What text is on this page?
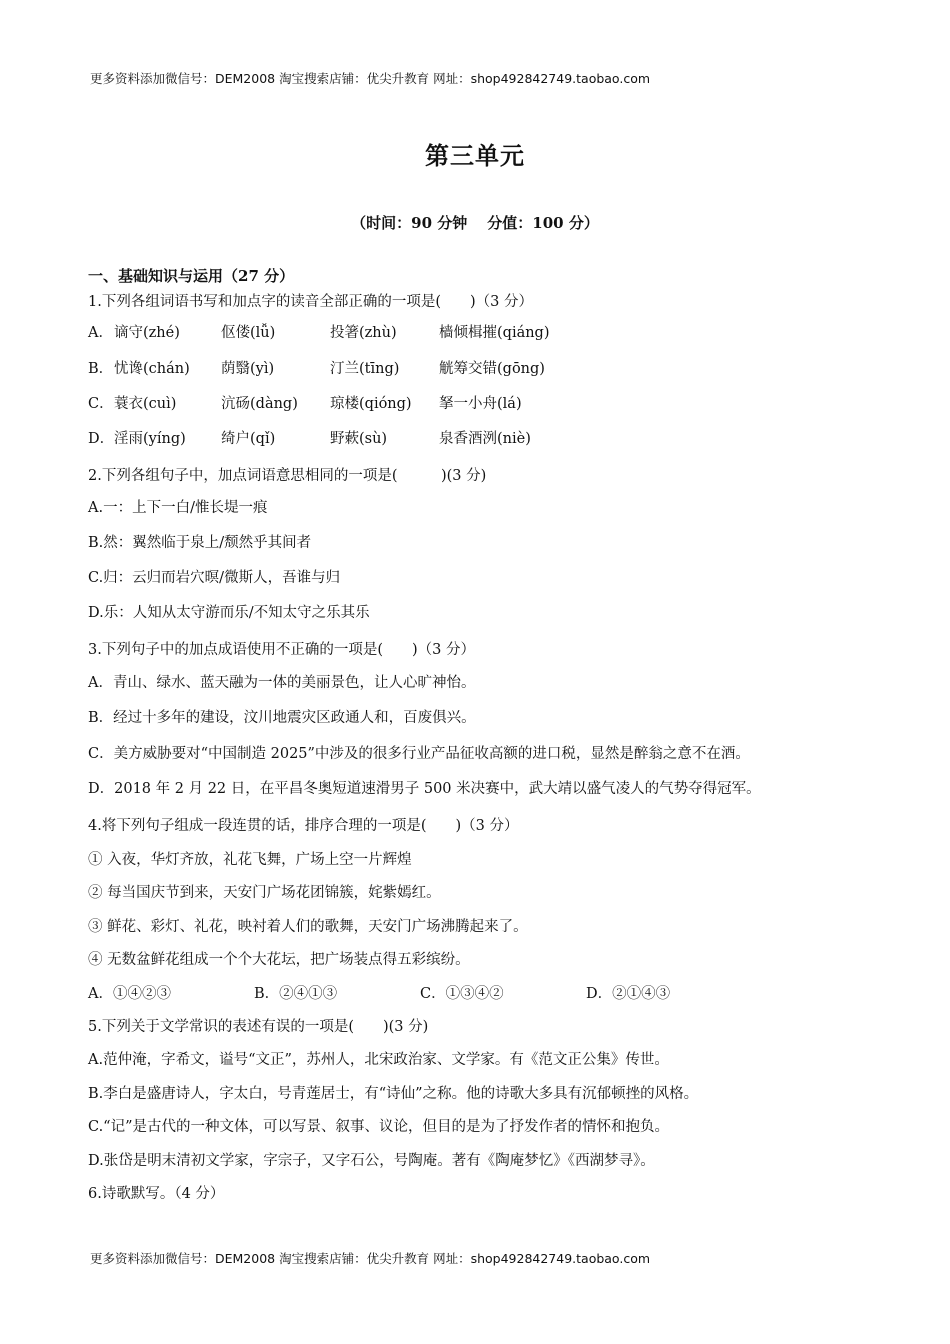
更多资料添加微信号：DEM2008 淘宝搜索店铺：优尖升教育 网址：shop492842749.taobao.com
第三单元
（时间：90 分钟 分值：100 分）
一、基础知识与运用（27 分）
1.下列各组词语书写和加点字的读音全部正确的一项是(　　)（3 分）
A．谪守(zhé)	伛偻(lǚ)	投箸(zhù)	樯倾楫摧(qiáng)
B．忧谗(chán) 荫翳(yì)	汀兰(tīng)	觥筹交错(gōng)
C．蓑衣(cuì)	沆砀(dàng) 琼楼(qióng) 拏一小舟(lá)
D．淫雨(yíng) 绮户(qǐ)	野蔌(sù)	泉香酒洌(niè)
2.下列各组句子中，加点词语意思相同的一项是(　　　)(3 分)
A.一：上下一白/惟长堤一痕
B.然：翼然临于泉上/颓然乎其间者
C.归：云归而岩穴暝/微斯人，吾谁与归
D.乐：人知从太守游而乐/不知太守之乐其乐
3.下列句子中的加点成语使用不正确的一项是(　　)（3 分）
A．青山、绿水、蓝天融为一体的美丽景色，让人心旷神怡。
B．经过十多年的建设，汶川地震灾区政通人和，百废俱兴。
C．美方威胁要对“中国制造 2025”中涉及的很多行业产品征收高额的进口税，显然是醉翁之意不在酒。
D．2018 年 2 月 22 日，在平昌冬奥短道速滑男子 500 米决赛中，武大靖以盛气凌人的气势夺得冠军。
4.将下列句子组成一段连贯的话，排序合理的一项是(　　)（3 分）
① 入夜，华灯齐放，礼花飞舞，广场上空一片辉煌
② 每当国庆节到来，天安门广场花团锦簇，姹紫嫣红。
③ 鲜花、彩灯、礼花，映衬着人们的歌舞，天安门广场沸腾起来了。
④ 无数盆鲜花组成一个个大花坛，把广场装点得五彩缤纷。
A．①④②③	B．②④①③	C．①③④②	D．②①④③
5.下列关于文学常识的表述有误的一项是(　　)(3 分)
A.范仲淹，字希文，谥号“文正”，苏州人，北宋政治家、文学家。有《范文正公集》传世。
B.李白是盛唐诗人，字太白，号青莲居士，有“诗仙”之称。他的诗歌大多具有沉郁顿挫的风格。
C.“记”是古代的一种文体，可以写景、叙事、议论，但目的是为了抒发作者的情怀和抱负。
D.张岱是明末清初文学家，字宗子，又字石公，号陶庵。著有《陶庵梦忆》《西湖梦寻》。
6.诗歌默写。（4 分）
更多资料添加微信号：DEM2008 淘宝搜索店铺：优尖升教育 网址：shop492842749.taobao.com
